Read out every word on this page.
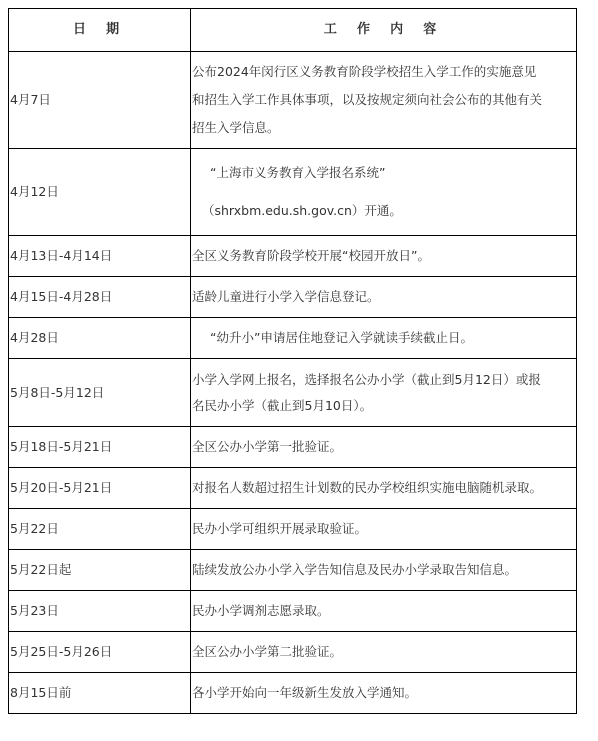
日 期	工 作 内 容
4月7日	公布2024年闵行区义务教育阶段学校招生入学工作的实施意见
和招生入学工作具体事项，以及按规定须向社会公布的其他有关
招生入学信息。
4月12日	“上海市义务教育入学报名系统”
（shrxbm.edu.sh.gov.cn）开通。
4月13日-4月14日	全区义务教育阶段学校开展“校园开放日”。
4月15日-4月28日	适龄儿童进行小学入学信息登记。
4月28日	“幼升小”申请居住地登记入学就读手续截止日。
5月8日-5月12日	小学入学网上报名，选择报名公办小学（截止到5月12日）或报
名民办小学（截止到5月10日）。
5月18日-5月21日	全区公办小学第一批验证。
5月20日-5月21日	对报名人数超过招生计划数的民办学校组织实施电脑随机录取。
5月22日	民办小学可组织开展录取验证。
5月22日起	陆续发放公办小学入学告知信息及民办小学录取告知信息。
5月23日	民办小学调剂志愿录取。
5月25日-5月26日	全区公办小学第二批验证。
8月15日前	各小学开始向一年级新生发放入学通知。
